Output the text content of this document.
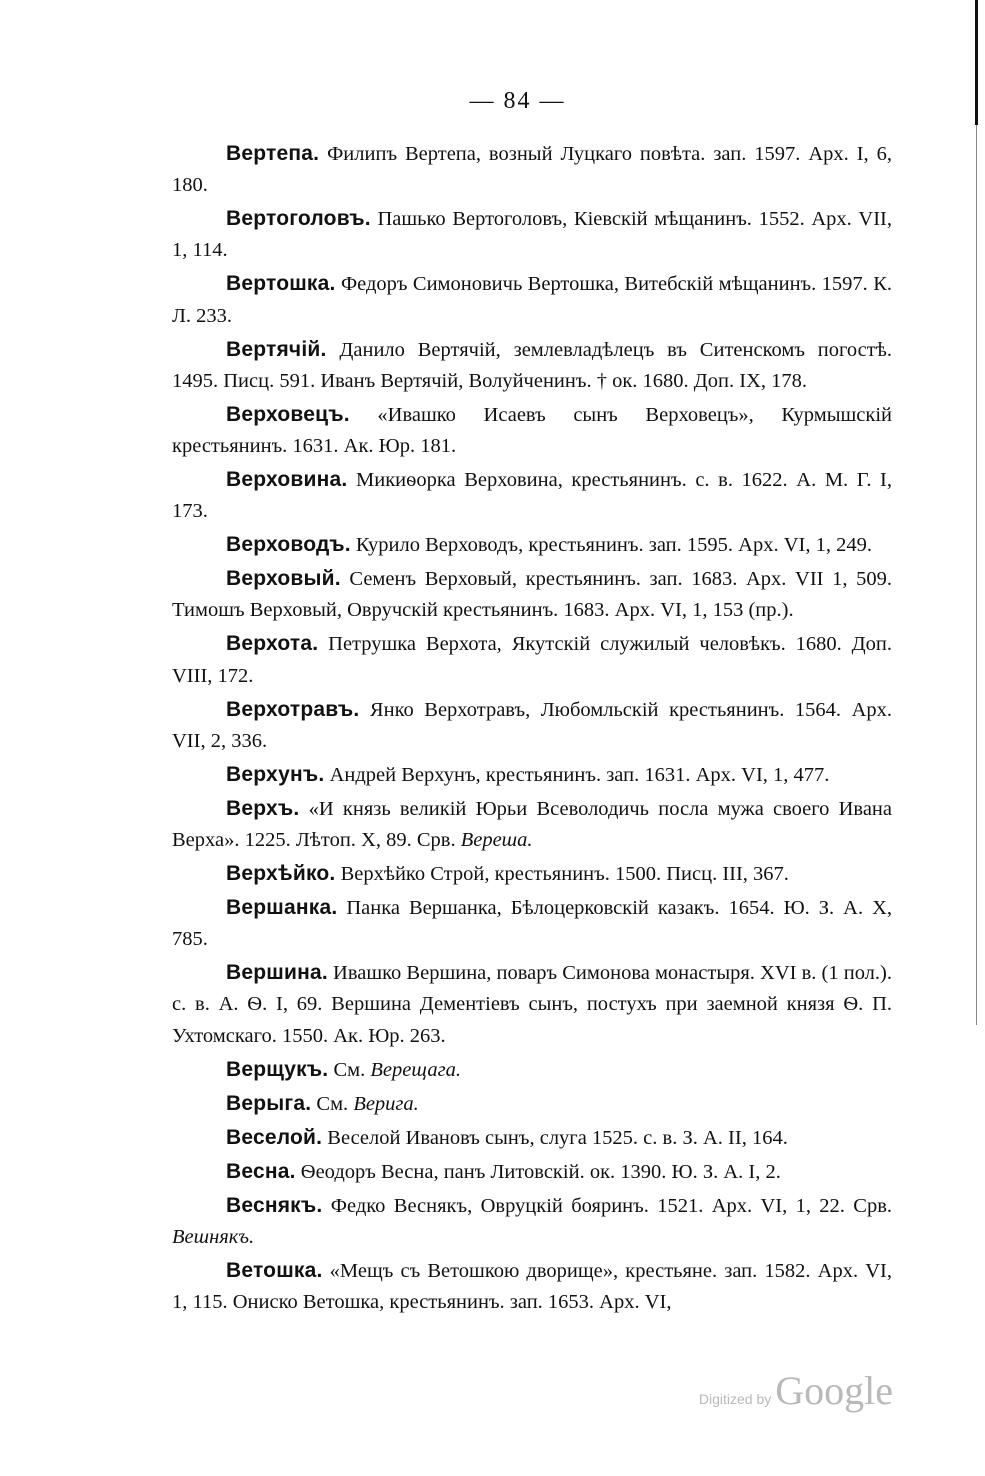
— 84 —

Вертепа. Филипъ Вертепа, возный Луцкаго повѣта. зап. 1597. Арх. I, 6, 180.

Вертоголовъ. Пашько Вертоголовъ, Кіевскій мѣщанинъ. 1552. Арх. VII, 1, 114.

Вертошка. Федоръ Симоновичь Вертошка, Витебскій мѣщанинъ. 1597. К. Л. 233.

Вертячій. Данило Вертячій, землевладѣлецъ въ Ситенскомъ погостѣ. 1495. Писц. 591. Иванъ Вертячій, Волуйченинъ. † ок. 1680. Доп. IX, 178.

Верховецъ. «Ивашко Исаевъ сынъ Верховецъ», Курмышскій крестьянинъ. 1631. Ак. Юр. 181.

Верховина. Микиѳорка Верховина, крестьянинъ. с. в. 1622. А. М. Г. I, 173.

Верховодъ. Курило Верховодъ, крестьянинъ. зап. 1595. Арх. VI, 1, 249.

Верховый. Семенъ Верховый, крестьянинъ. зап. 1683. Арх. VII 1, 509. Тимошъ Верховый, Овручскій крестьянинъ. 1683. Арх. VI, 1, 153 (пр.).

Верхота. Петрушка Верхота, Якутскій служилый человѣкъ. 1680. Доп. VIII, 172.

Верхотравъ. Янко Верхотравъ, Любомльскій крестьянинъ. 1564. Арх. VII, 2, 336.

Верхунъ. Андрей Верхунъ, крестьянинъ. зап. 1631. Арх. VI, 1, 477.

Верхъ. «И князь великій Юрьи Всеволодичь посла мужа своего Ивана Верха». 1225. Лѣтоп. X, 89. Срв. Вереша.

Верхѣйко. Верхѣйко Строй, крестьянинъ. 1500. Писц. III, 367.

Вершанка. Панка Вершанка, Бѣлоцерковскій казакъ. 1654. Ю. З. А. X, 785.

Вершина. Ивашко Вершина, поваръ Симонова монастыря. XVI в. (1 пол.). с. в. А. Ѳ. I, 69. Вершина Дементіевъ сынъ, постухъ при заемной князя Ѳ. П. Ухтомскаго. 1550. Ак. Юр. 263.

Верщукъ. См. Верещага.

Верыга. См. Верига.

Веселой. Веселой Ивановъ сынъ, слуга 1525. с. в. З. А. II, 164.

Весна. Ѳеодоръ Весна, панъ Литовскій. ок. 1390. Ю. З. А. I, 2.

Веснякъ. Федко Веснякъ, Овруцкій бояринъ. 1521. Арх. VI, 1, 22. Срв. Вешнякъ.

Ветошка. «Мещъ съ Ветошкою дворище», крестьяне. зап. 1582. Арх. VI, 1, 115. Ониско Ветошка, крестьянинъ. зап. 1653. Арх. VI,

Digitized by Google
